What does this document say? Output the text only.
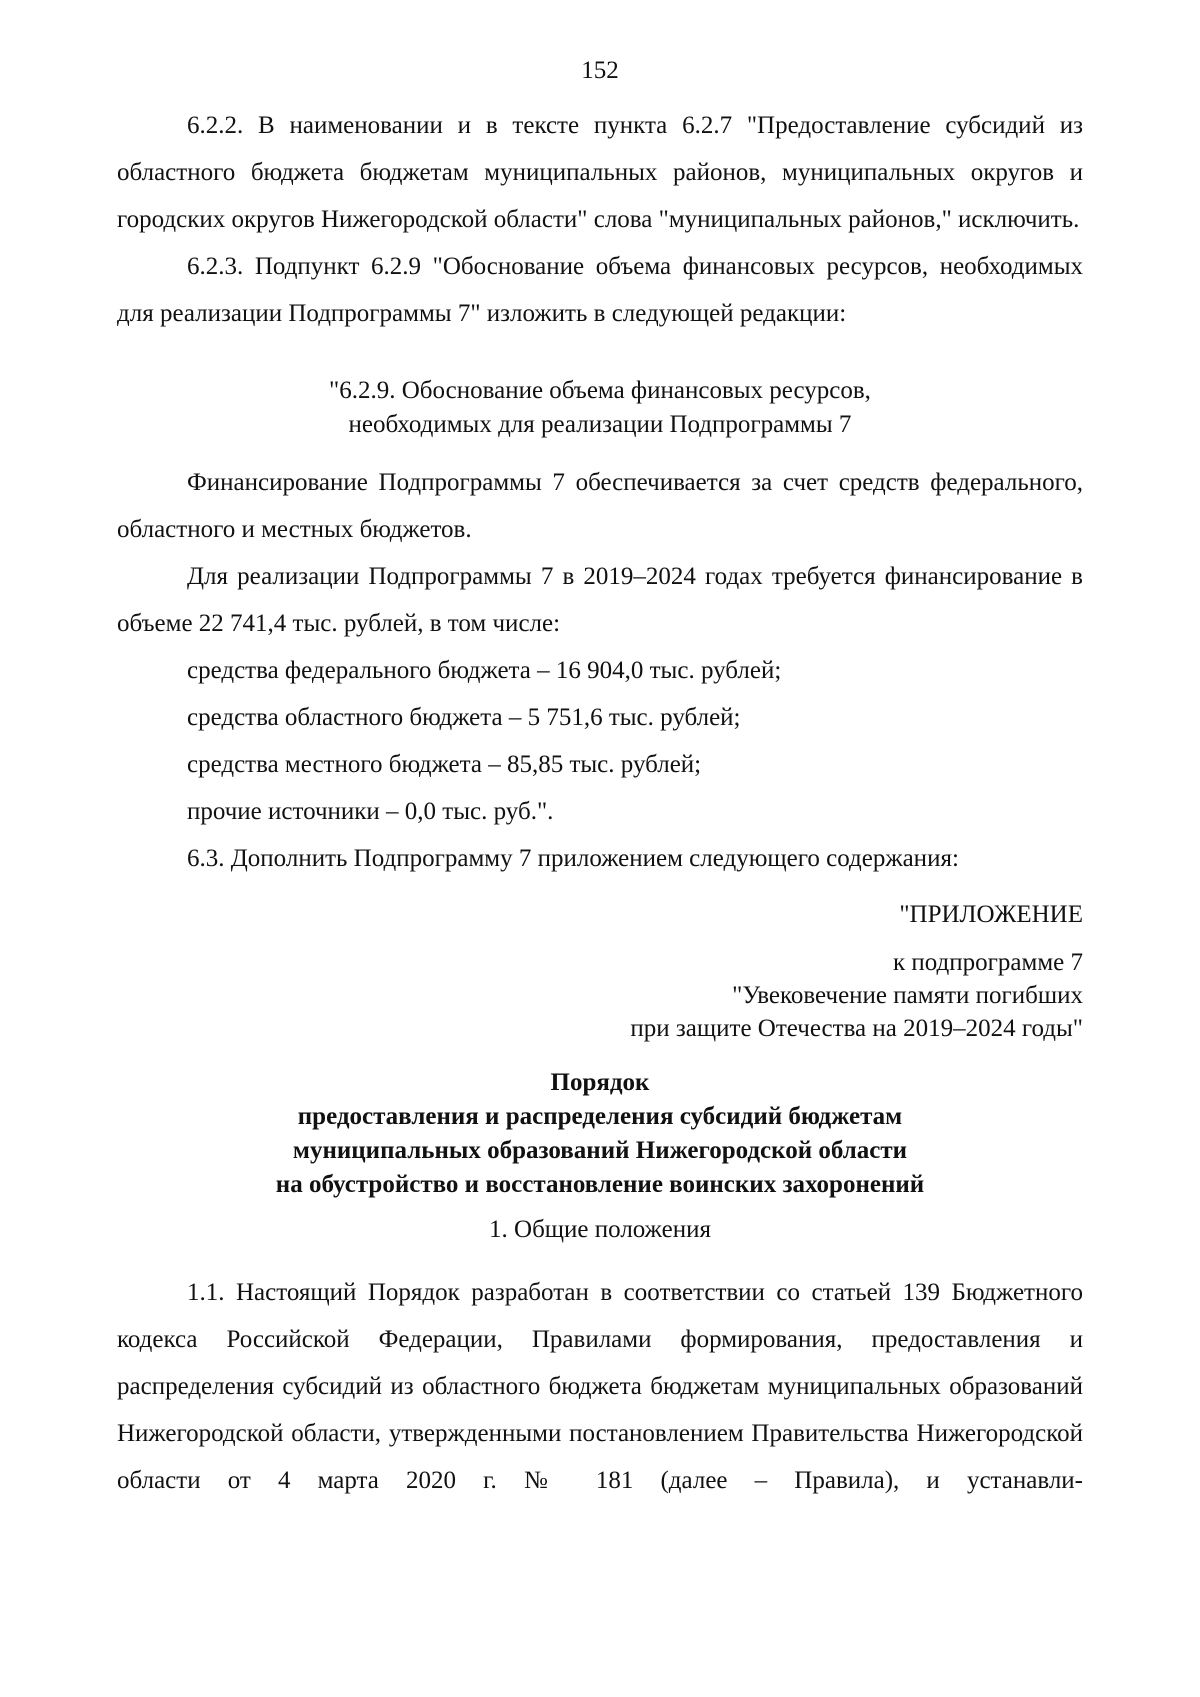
152

6.2.2. В наименовании и в тексте пункта 6.2.7 "Предоставление субсидий из областного бюджета бюджетам муниципальных районов, муниципальных округов и городских округов Нижегородской области" слова "муниципальных районов," исключить.

6.2.3. Подпункт 6.2.9 "Обоснование объема финансовых ресурсов, необходимых для реализации Подпрограммы 7" изложить в следующей редакции:

"6.2.9. Обоснование объема финансовых ресурсов,
необходимых для реализации Подпрограммы 7

Финансирование Подпрограммы 7 обеспечивается за счет средств федерального, областного и местных бюджетов.

Для реализации Подпрограммы 7 в 2019–2024 годах требуется финансирование в объеме 22 741,4 тыс. рублей, в том числе:

средства федерального бюджета – 16 904,0 тыс. рублей;

средства областного бюджета – 5 751,6 тыс. рублей;

средства местного бюджета – 85,85 тыс. рублей;

прочие источники – 0,0 тыс. руб.".

6.3. Дополнить Подпрограмму 7 приложением следующего содержания:

"ПРИЛОЖЕНИЕ
к подпрограмме 7
"Увековечение памяти погибших
при защите Отечества на 2019–2024 годы"
Порядок
предоставления и распределения субсидий бюджетам
муниципальных образований Нижегородской области
на обустройство и восстановление воинских захоронений

1. Общие положения

1.1. Настоящий Порядок разработан в соответствии со статьей 139 Бюджетного кодекса Российской Федерации, Правилами формирования, предоставления и распределения субсидий из областного бюджета бюджетам муниципальных образований Нижегородской области, утвержденными постановлением Правительства Нижегородской области от 4 марта 2020 г. № 181 (далее – Правила), и устанавли-
